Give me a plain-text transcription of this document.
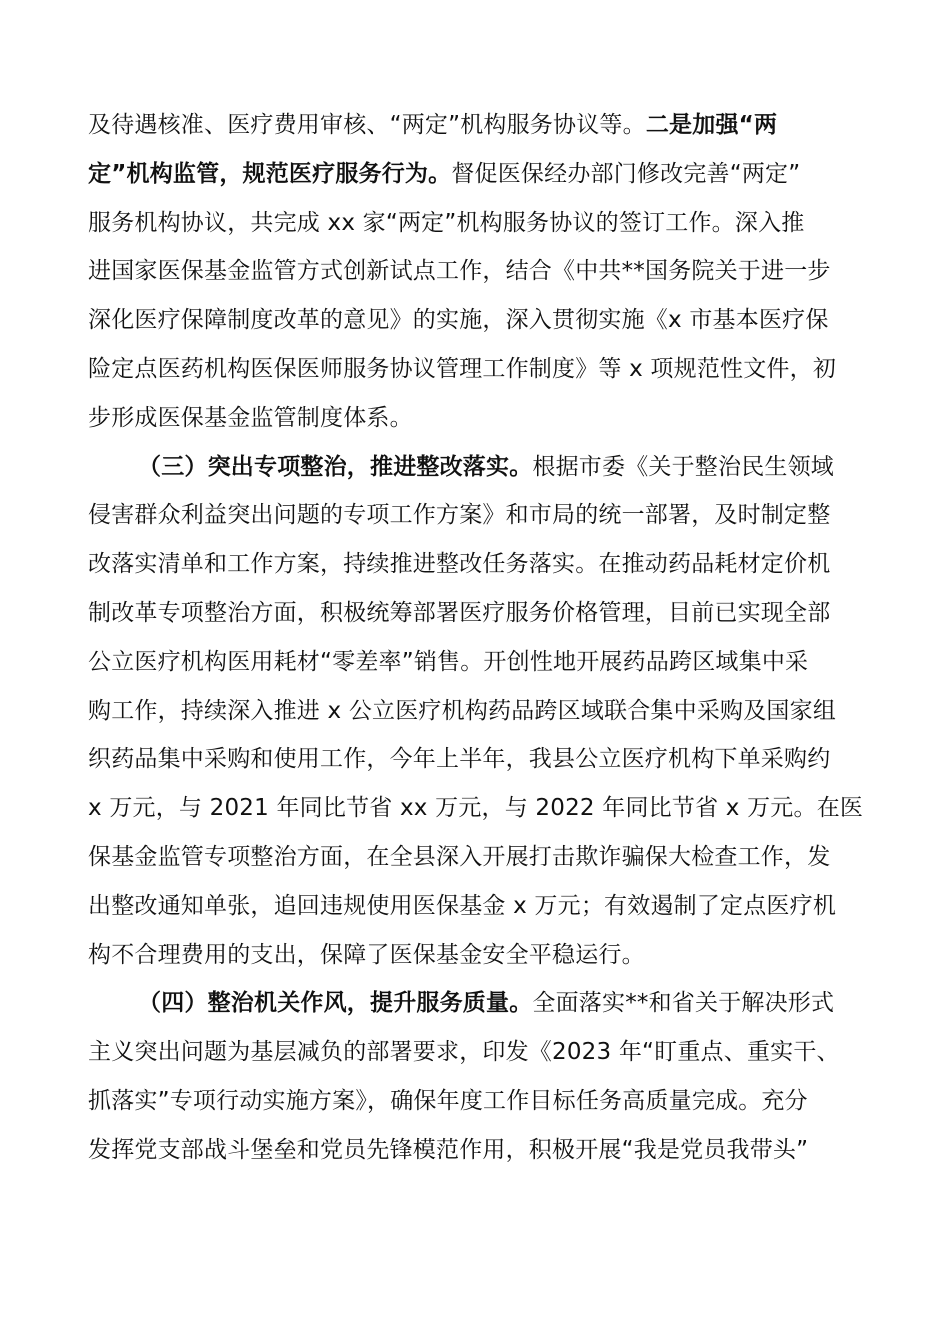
及待遇核准、医疗费用审核、“两定”机构服务协议等。二是加强“两
定”机构监管，规范医疗服务行为。督促医保经办部门修改完善“两定”
服务机构协议，共完成 xx 家“两定”机构服务协议的签订工作。深入推
进国家医保基金监管方式创新试点工作，结合《中共**国务院关于进一步
深化医疗保障制度改革的意见》的实施，深入贯彻实施《x 市基本医疗保
险定点医药机构医保医师服务协议管理工作制度》等 x 项规范性文件，初
步形成医保基金监管制度体系。
（三）突出专项整治，推进整改落实。根据市委《关于整治民生领域
侵害群众利益突出问题的专项工作方案》和市局的统一部署，及时制定整
改落实清单和工作方案，持续推进整改任务落实。在推动药品耗材定价机
制改革专项整治方面，积极统筹部署医疗服务价格管理，目前已实现全部
公立医疗机构医用耗材“零差率”销售。开创性地开展药品跨区域集中采
购工作，持续深入推进 x 公立医疗机构药品跨区域联合集中采购及国家组
织药品集中采购和使用工作，今年上半年，我县公立医疗机构下单采购约
x 万元，与 2021 年同比节省 xx 万元，与 2022 年同比节省 x 万元。在医
保基金监管专项整治方面，在全县深入开展打击欺诈骗保大检查工作，发
出整改通知单张，追回违规使用医保基金 x 万元；有效遏制了定点医疗机
构不合理费用的支出，保障了医保基金安全平稳运行。
（四）整治机关作风，提升服务质量。全面落实**和省关于解决形式
主义突出问题为基层减负的部署要求，印发《2023 年“盯重点、重实干、
抓落实”专项行动实施方案》，确保年度工作目标任务高质量完成。充分
发挥党支部战斗堡垒和党员先锋模范作用，积极开展“我是党员我带头”
